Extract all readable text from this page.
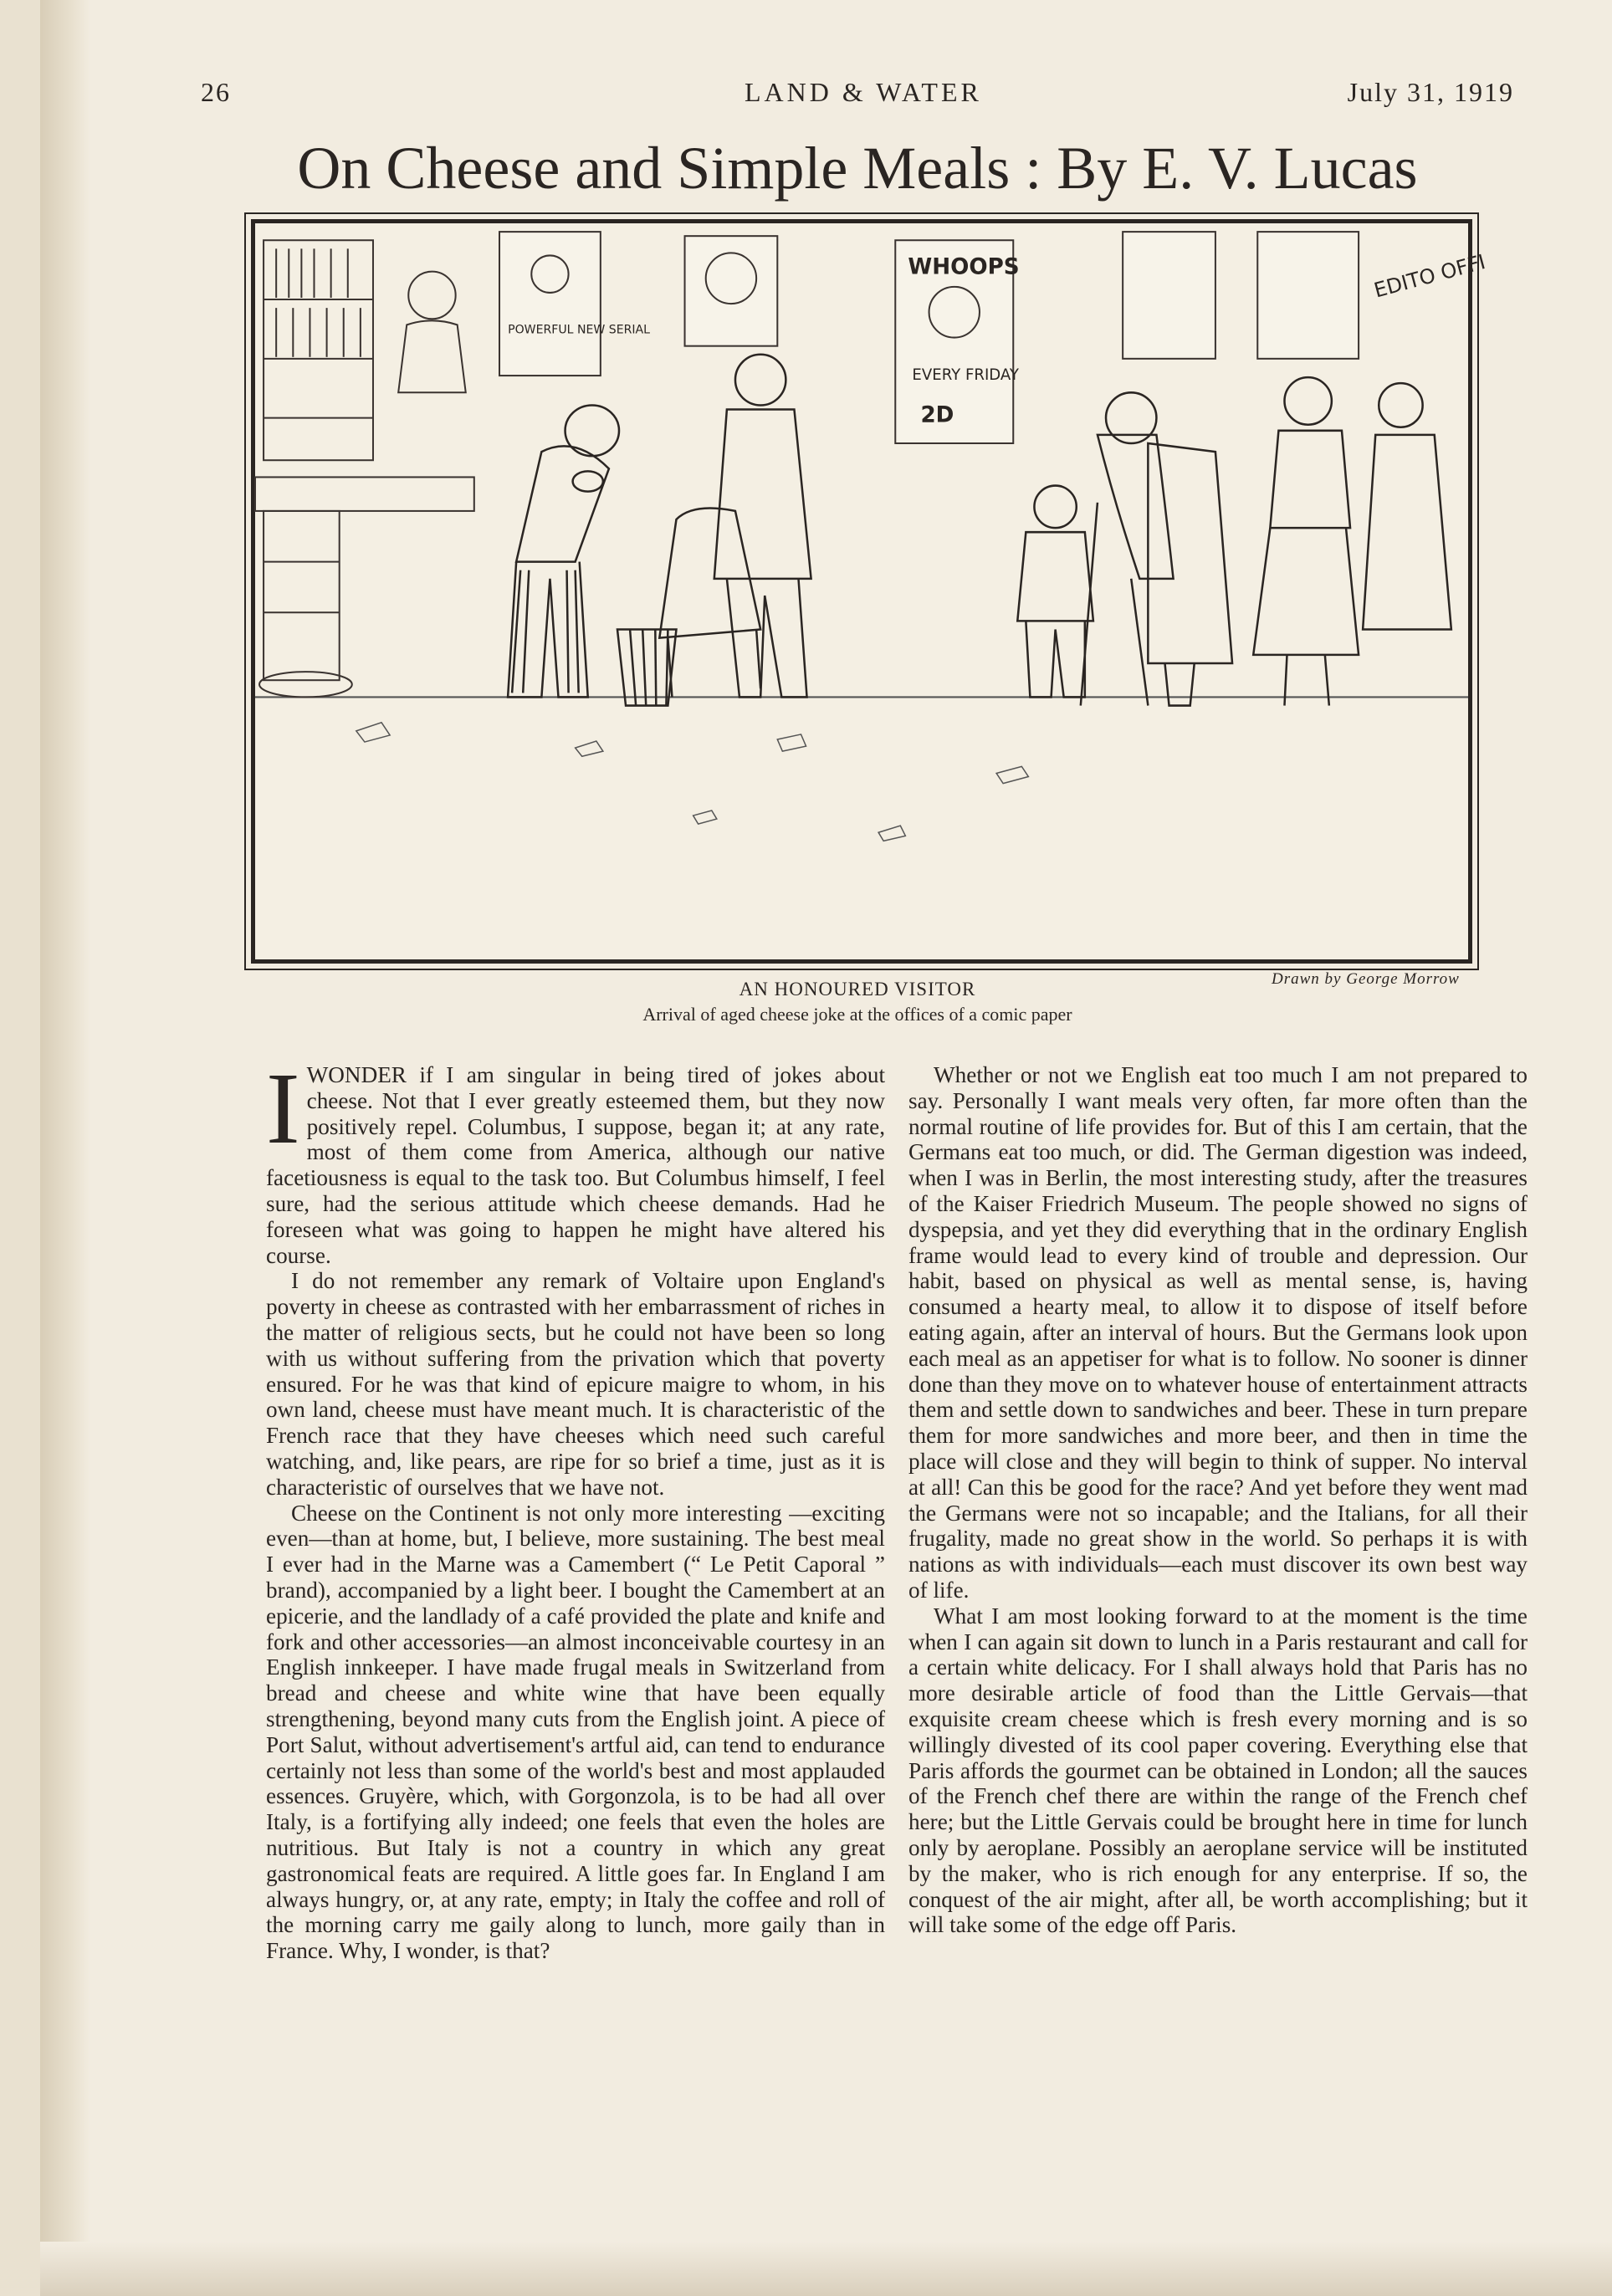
26	LAND & WATER	July 31, 1919
On Cheese and Simple Meals : By E. V. Lucas
POWERFUL NEW SERIAL
WHOOPS
EVERY FRIDAY
2D
EDITO OFFI
AN HONOURED VISITOR	Drawn by George Morrow
Arrival of aged cheese joke at the offices of a comic paper

IWONDER if I am singular in being tired of jokes about cheese. Not that I ever greatly esteemed them, but they now positively repel. Columbus, I suppose, began it; at any rate, most of them come from America, although our native facetiousness is equal to the task too. But Columbus himself, I feel sure, had the serious attitude which cheese demands. Had he foreseen what was going to happen he might have altered his course.

I do not remember any remark of Voltaire upon England's poverty in cheese as contrasted with her embarrassment of riches in the matter of religious sects, but he could not have been so long with us without suffering from the privation which that poverty ensured. For he was that kind of epicure maigre to whom, in his own land, cheese must have meant much. It is characteristic of the French race that they have cheeses which need such careful watching, and, like pears, are ripe for so brief a time, just as it is characteristic of ourselves that we have not.

Cheese on the Continent is not only more interesting —exciting even—than at home, but, I believe, more sustaining. The best meal I ever had in the Marne was a Camembert (“ Le Petit Caporal ” brand), accompanied by a light beer. I bought the Camembert at an epicerie, and the landlady of a café provided the plate and knife and fork and other accessories—an almost inconceivable courtesy in an English innkeeper. I have made frugal meals in Switzerland from bread and cheese and white wine that have been equally strengthening, beyond many cuts from the English joint. A piece of Port Salut, without advertisement's artful aid, can tend to endurance certainly not less than some of the world's best and most applauded essences. Gruyère, which, with Gorgonzola, is to be had all over Italy, is a fortifying ally indeed; one feels that even the holes are nutritious. But Italy is not a country in which any great gastronomical feats are required. A little goes far. In England I am always hungry, or, at any rate, empty; in Italy the coffee and roll of the morning carry me gaily along to lunch, more gaily than in France. Why, I wonder, is that?

Whether or not we English eat too much I am not prepared to say. Personally I want meals very often, far more often than the normal routine of life provides for. But of this I am certain, that the Germans eat too much, or did. The German digestion was indeed, when I was in Berlin, the most interesting study, after the treasures of the Kaiser Friedrich Museum. The people showed no signs of dyspepsia, and yet they did everything that in the ordinary English frame would lead to every kind of trouble and depression. Our habit, based on physical as well as mental sense, is, having consumed a hearty meal, to allow it to dispose of itself before eating again, after an interval of hours. But the Germans look upon each meal as an appetiser for what is to follow. No sooner is dinner done than they move on to whatever house of entertainment attracts them and settle down to sandwiches and beer. These in turn prepare them for more sandwiches and more beer, and then in time the place will close and they will begin to think of supper. No interval at all! Can this be good for the race? And yet before they went mad the Germans were not so incapable; and the Italians, for all their frugality, made no great show in the world. So perhaps it is with nations as with individuals—each must discover its own best way of life.

What I am most looking forward to at the moment is the time when I can again sit down to lunch in a Paris restaurant and call for a certain white delicacy. For I shall always hold that Paris has no more desirable article of food than the Little Gervais—that exquisite cream cheese which is fresh every morning and is so willingly divested of its cool paper covering. Everything else that Paris affords the gourmet can be obtained in London; all the sauces of the French chef there are within the range of the French chef here; but the Little Gervais could be brought here in time for lunch only by aeroplane. Possibly an aeroplane service will be instituted by the maker, who is rich enough for any enterprise. If so, the conquest of the air might, after all, be worth accomplishing; but it will take some of the edge off Paris.
